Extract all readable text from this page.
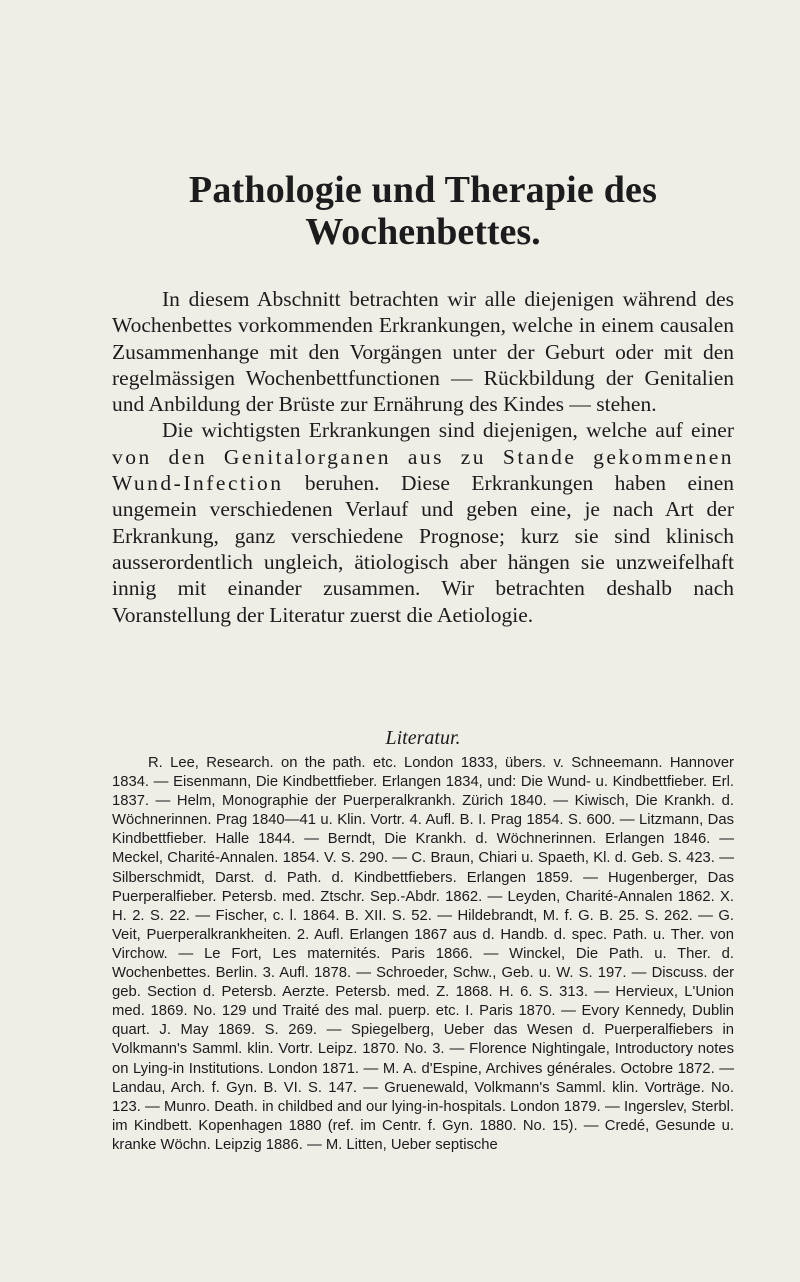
Pathologie und Therapie des
Wochenbettes.

In diesem Abschnitt betrachten wir alle diejenigen während des Wochenbettes vorkommenden Erkrankungen, welche in einem causalen Zusammenhange mit den Vorgängen unter der Geburt oder mit den regelmässigen Wochenbettfunctionen — Rückbildung der Genitalien und Anbildung der Brüste zur Ernährung des Kindes — stehen.

Die wichtigsten Erkrankungen sind diejenigen, welche auf einer von den Genitalorganen aus zu Stande gekommenen Wund-Infection beruhen. Diese Erkrankungen haben einen ungemein verschiedenen Verlauf und geben eine, je nach Art der Erkrankung, ganz verschiedene Prognose; kurz sie sind klinisch ausserordentlich ungleich, ätiologisch aber hängen sie unzweifelhaft innig mit einander zusammen. Wir betrachten deshalb nach Voranstellung der Literatur zuerst die Aetiologie.

Literatur.

R. Lee, Research. on the path. etc. London 1833, übers. v. Schneemann. Hannover 1834. — Eisenmann, Die Kindbettfieber. Erlangen 1834, und: Die Wund- u. Kindbettfieber. Erl. 1837. — Helm, Monographie der Puerperalkrankh. Zürich 1840. — Kiwisch, Die Krankh. d. Wöchnerinnen. Prag 1840—41 u. Klin. Vortr. 4. Aufl. B. I. Prag 1854. S. 600. — Litzmann, Das Kindbettfieber. Halle 1844. — Berndt, Die Krankh. d. Wöchnerinnen. Erlangen 1846. — Meckel, Charité-Annalen. 1854. V. S. 290. — C. Braun, Chiari u. Spaeth, Kl. d. Geb. S. 423. — Silberschmidt, Darst. d. Path. d. Kindbettfiebers. Erlangen 1859. — Hugenberger, Das Puerperalfieber. Petersb. med. Ztschr. Sep.-Abdr. 1862. — Leyden, Charité-Annalen 1862. X. H. 2. S. 22. — Fischer, c. l. 1864. B. XII. S. 52. — Hildebrandt, M. f. G. B. 25. S. 262. — G. Veit, Puerperalkrankheiten. 2. Aufl. Erlangen 1867 aus d. Handb. d. spec. Path. u. Ther. von Virchow. — Le Fort, Les maternités. Paris 1866. — Winckel, Die Path. u. Ther. d. Wochenbettes. Berlin. 3. Aufl. 1878. — Schroeder, Schw., Geb. u. W. S. 197. — Discuss. der geb. Section d. Petersb. Aerzte. Petersb. med. Z. 1868. H. 6. S. 313. — Hervieux, L'Union med. 1869. No. 129 und Traité des mal. puerp. etc. I. Paris 1870. — Evory Kennedy, Dublin quart. J. May 1869. S. 269. — Spiegelberg, Ueber das Wesen d. Puerperalfiebers in Volkmann's Samml. klin. Vortr. Leipz. 1870. No. 3. — Florence Nightingale, Introductory notes on Lying-in Institutions. London 1871. — M. A. d'Espine, Archives générales. Octobre 1872. — Landau, Arch. f. Gyn. B. VI. S. 147. — Gruenewald, Volkmann's Samml. klin. Vorträge. No. 123. — Munro. Death. in childbed and our lying-in-hospitals. London 1879. — Ingerslev, Sterbl. im Kindbett. Kopenhagen 1880 (ref. im Centr. f. Gyn. 1880. No. 15). — Credé, Gesunde u. kranke Wöchn. Leipzig 1886. — M. Litten, Ueber septische
